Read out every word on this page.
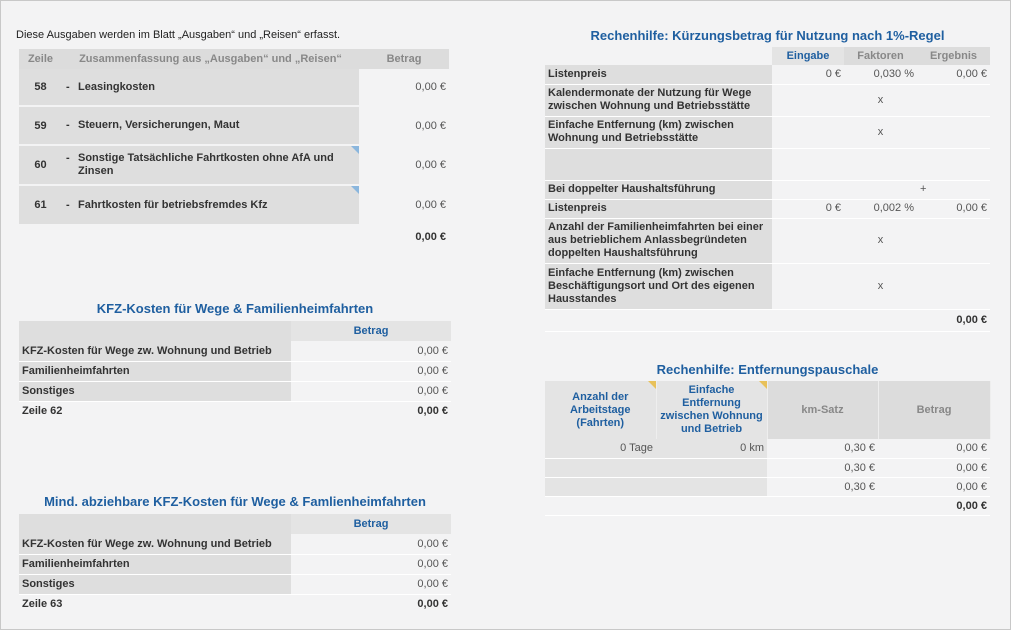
Diese Ausgaben werden im Blatt „Ausgaben“ und „Reisen“ erfasst.
Zeile	Zusammenfassung aus „Ausgaben“ und „Reisen“	Betrag
58	- Leasingkosten	0,00 €
59	- Steuern, Versicherungen, Maut	0,00 €
60	- Sonstige Tatsächliche Fahrtkosten ohne AfA und Zinsen	0,00 €
61	- Fahrtkosten für betriebsfremdes Kfz	0,00 €
		0,00 €
KFZ-Kosten für Wege & Familienheimfahrten
	Betrag
KFZ-Kosten für Wege zw. Wohnung und Betrieb	0,00 €
Familienheimfahrten	0,00 €
Sonstiges	0,00 €
Zeile 62	0,00 €
Mind. abziehbare KFZ-Kosten für Wege & Famlienheimfahrten
	Betrag
KFZ-Kosten für Wege zw. Wohnung und Betrieb	0,00 €
Familienheimfahrten	0,00 €
Sonstiges	0,00 €
Zeile 63	0,00 €
Rechenhilfe: Kürzungsbetrag für Nutzung nach 1%-Regel
	Eingabe	Faktoren	Ergebnis
Listenpreis	0 €	0,030 %	0,00 €
Kalendermonate der Nutzung für Wege zwischen Wohnung und Betriebsstätte		x	
Einfache Entfernung (km) zwischen Wohnung und Betriebsstätte		x	

Bei doppelter Haushaltsführung			+
Listenpreis	0 €	0,002 %	0,00 €
Anzahl der Familienheimfahrten bei einer aus betrieblichem Anlassbegründeten doppelten Haushaltsführung		x	
Einfache Entfernung (km) zwischen Beschäftigungsort und Ort des eigenen Hausstandes		x	
			0,00 €
Rechenhilfe: Entfernungspauschale
Anzahl der Arbeitstage (Fahrten)	Einfache Entfernung zwischen Wohnung und Betrieb	km-Satz	Betrag
0 Tage	0 km	0,30 €	0,00 €
		0,30 €	0,00 €
		0,30 €	0,00 €
			0,00 €
